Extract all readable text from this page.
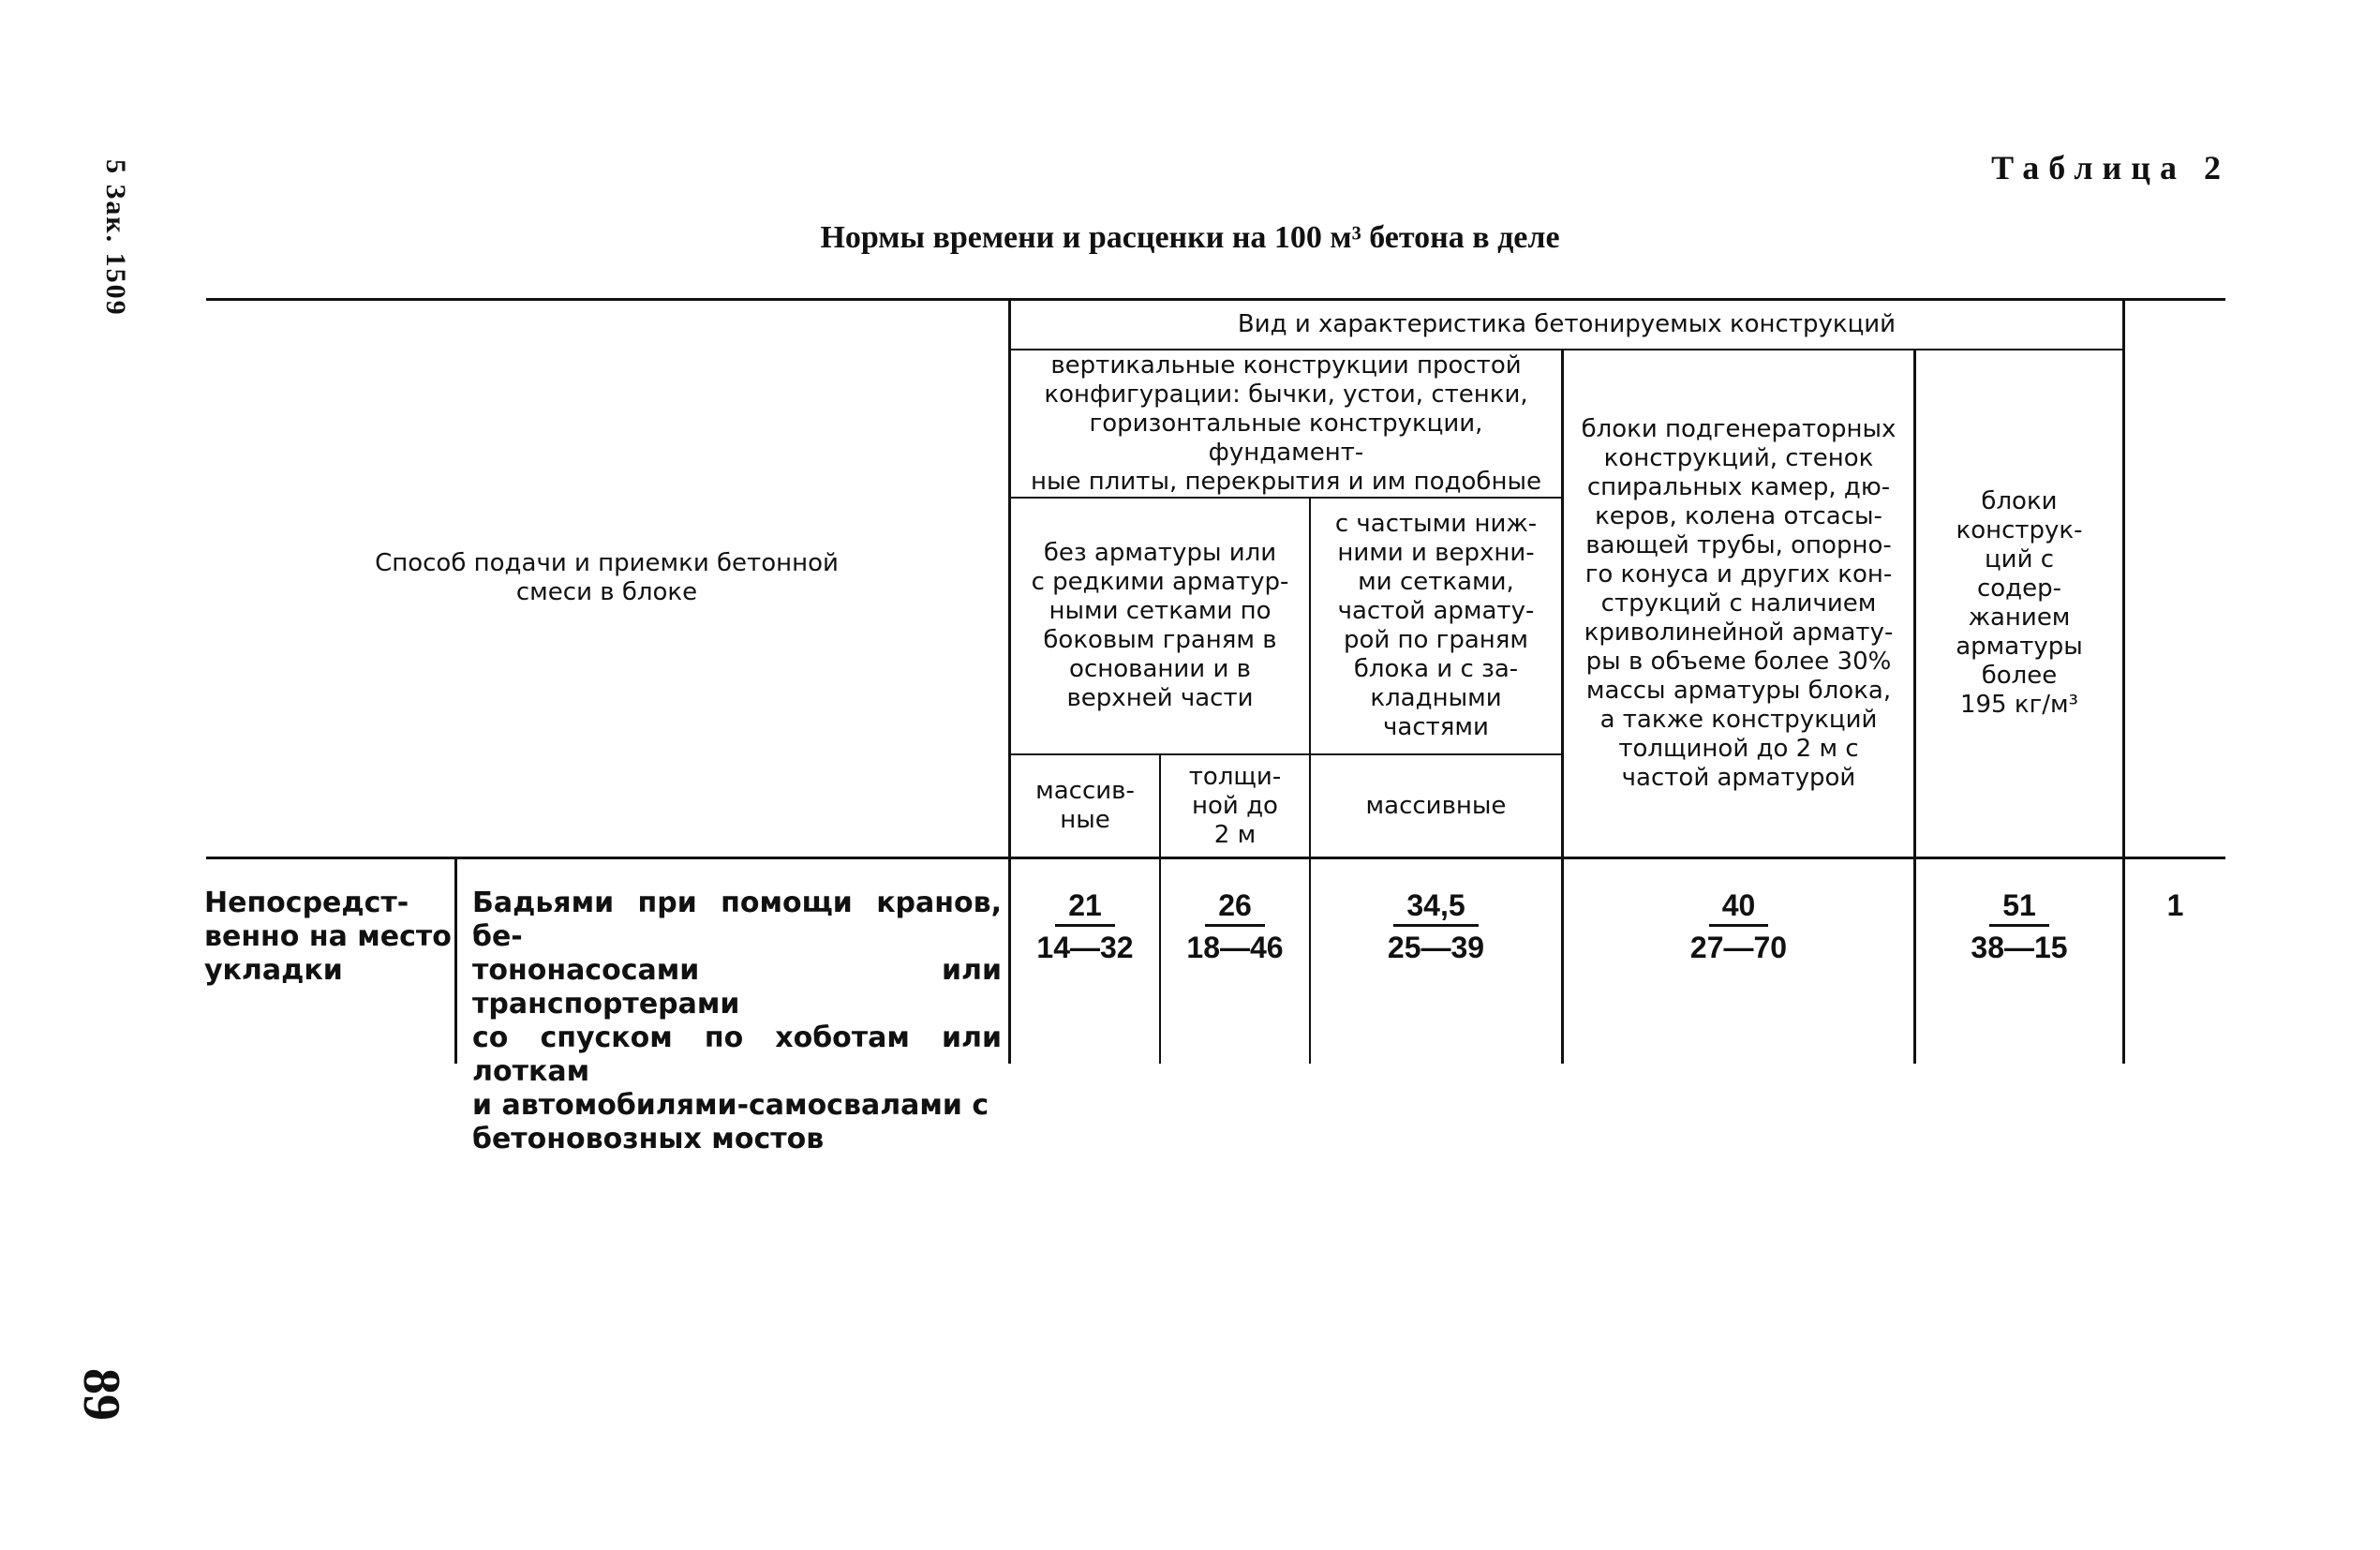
5 Зак. 1509
89
Таблица 2
Нормы времени и расценки на 100 м³ бетона в деле
Способ подачи и приемки бетонной
смеси в блоке
Вид и характеристика бетонируемых конструкций
вертикальные конструкции простой
конфигурации: бычки, устои, стенки,
горизонтальные конструкции, фундамент-
ные плиты, перекрытия и им подобные
без арматуры или
с редкими арматур-
ными сетками по
боковым граням в
основании и в
верхней части
с частыми ниж-
ними и верхни-
ми сетками,
частой армату-
рой по граням
блока и с за-
кладными
частями
массив-
ные
толщи-
ной до
2 м
массивные
блоки подгенераторных
конструкций, стенок
спиральных камер, дю-
керов, колена отсасы-
вающей трубы, опорно-
го конуса и других кон-
струкций с наличием
криволинейной армату-
ры в объеме более 30%
массы арматуры блока,
а также конструкций
толщиной до 2 м с
частой арматурой
блоки
конструк-
ций с
содер-
жанием
арматуры
более
195 кг/м³
Непосредст-
венно на место
укладки
Бадьями при помощи кранов, бе-
тононасосами или транспортерами
со спуском по хоботам или лоткам
и автомобилями-самосвалами с
бетоновозных мостов
21
14—32
26
18—46
34,5
25—39
40
27—70
51
38—15
1
